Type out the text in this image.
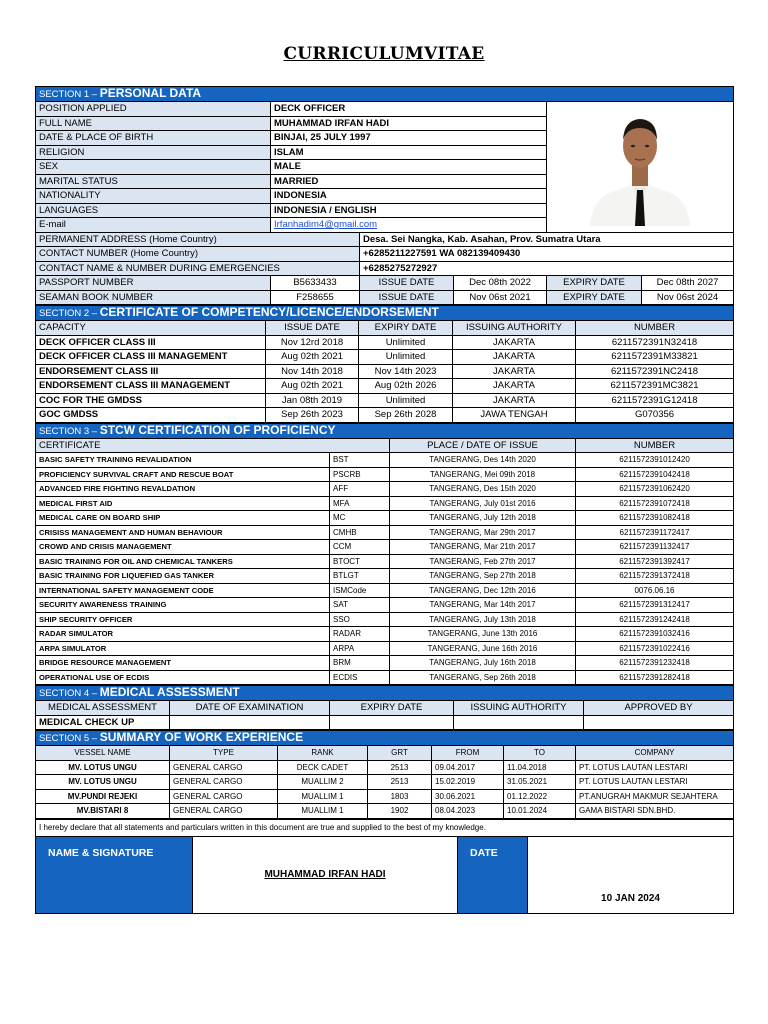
CURRICULUMVITAE
SECTION 1 – PERSONAL DATA					
POSITION APPLIED	DECK OFFICER	
FULL NAME	MUHAMMAD IRFAN HADI				
DATE & PLACE OF BIRTH	BINJAI, 25 JULY 1997				
RELIGION	ISLAM				
SEX	MALE				
MARITAL STATUS	MARRIED				
NATIONALITY	INDONESIA				
LANGUAGES	INDONESIA / ENGLISH				
E-mail	Irfanhadim4@gmail.com				
PERMANENT ADDRESS (Home Country)		Desa. Sei Nangka, Kab. Asahan, Prov. Sumatra Utara			
CONTACT NUMBER (Home Country)		+6285211227591 WA 082139409430			
CONTACT NAME & NUMBER DURING EMERGENCIES		+6285275272927			
PASSPORT NUMBER	B5633433	ISSUE DATE	Dec 08th 2022	EXPIRY DATE	Dec 08th 2027
SEAMAN BOOK NUMBER	F258655	ISSUE DATE	Nov 06st 2021	EXPIRY DATE	Nov 06st 2024
SECTION 2 – CERTIFICATE OF COMPETENCY/LICENCE/ENDORSEMENT				
CAPACITY	ISSUE DATE	EXPIRY DATE	ISSUING AUTHORITY	NUMBER
DECK OFFICER CLASS III	Nov 12rd 2018	Unlimited	JAKARTA	6211572391N32418
DECK OFFICER CLASS III MANAGEMENT	Aug 02th 2021	Unlimited	JAKARTA	6211572391M33821
ENDORSEMENT CLASS III	Nov 14th 2018	Nov 14th 2023	JAKARTA	6211572391NC2418
ENDORSEMENT CLASS III MANAGEMENT	Aug 02th 2021	Aug 02th 2026	JAKARTA	6211572391MC3821
COC FOR THE GMDSS	Jan 08th 2019	Unlimited	JAKARTA	6211572391G12418
GOC GMDSS	Sep 26th 2023	Sep 26th 2028	JAWA TENGAH	G070356
SECTION 3 – STCW CERTIFICATION OF PROFICIENCY			
CERTIFICATE		PLACE / DATE OF ISSUE	NUMBER
BASIC SAFETY TRAINING REVALIDATION	BST	TANGERANG, Des 14th 2020	6211572391012420
PROFICIENCY SURVIVAL CRAFT AND RESCUE BOAT	PSCRB	TANGERANG, Mei 09th 2018	6211572391042418
ADVANCED FIRE FIGHTING REVALDATION	AFF	TANGERANG, Des 15th 2020	6211572391062420
MEDICAL FIRST AID	MFA	TANGERANG, July 01st 2016	6211572391072418
MEDICAL CARE ON BOARD SHIP	MC	TANGERANG, July 12th 2018	6211572391082418
CRISISS MANAGEMENT AND HUMAN BEHAVIOUR	CMHB	TANGERANG, Mar 29th 2017	6211572391172417
CROWD AND CRISIS MANAGEMENT	CCM	TANGERANG, Mar 21th 2017	6211572391132417
BASIC TRAINING FOR OIL AND CHEMICAL TANKERS	BTOCT	TANGERANG, Feb 27th 2017	6211572391392417
BASIC TRAINING FOR LIQUEFIED GAS TANKER	BTLGT	TANGERANG, Sep 27th 2018	6211572391372418
INTERNATIONAL SAFETY MANAGEMENT CODE	ISMCode	TANGERANG, Dec 12th 2016	0076.06.16
SECURITY AWARENESS TRAINING	SAT	TANGERANG, Mar 14th 2017	6211572391312417
SHIP SECURITY OFFICER	SSO	TANGERANG, July 13th 2018	6211572391242418
RADAR SIMULATOR	RADAR	TANGERANG, June 13th 2016	6211572391032416
ARPA SIMULATOR	ARPA	TANGERANG, June 16th 2016	6211572391022416
BRIDGE RESOURCE MANAGEMENT	BRM	TANGERANG, July 16th 2018	6211572391232418
OPERATIONAL USE OF ECDIS	ECDIS	TANGERANG, Sep 26th 2018	6211572391282418
SECTION 4 – MEDICAL ASSESSMENT				
MEDICAL ASSESSMENT	DATE OF EXAMINATION	EXPIRY DATE	ISSUING AUTHORITY	APPROVED BY
MEDICAL CHECK UP				
SECTION 5 – SUMMARY OF WORK EXPERIENCE						
VESSEL NAME	TYPE	RANK	GRT	FROM	TO	COMPANY
MV. LOTUS UNGU	GENERAL CARGO	DECK CADET	2513	09.04.2017	11.04.2018	PT. LOTUS LAUTAN LESTARI
MV. LOTUS UNGU	GENERAL CARGO	MUALLIM 2	2513	15.02.2019	31.05.2021	PT. LOTUS LAUTAN LESTARI
MV.PUNDI REJEKI	GENERAL CARGO	MUALLIM 1	1803	30.06.2021	01.12.2022	PT.ANUGRAH MAKMUR SEJAHTERA
MV.BISTARI 8	GENERAL CARGO	MUALLIM 1	1902	08.04.2023	10.01.2024	GAMA BISTARI SDN.BHD.
I hereby declare that all statements and particulars written in this document are true and supplied to the best of my knowledge.
NAME & SIGNATURE	MUHAMMAD IRFAN HADI	DATE	10 JAN 2024
